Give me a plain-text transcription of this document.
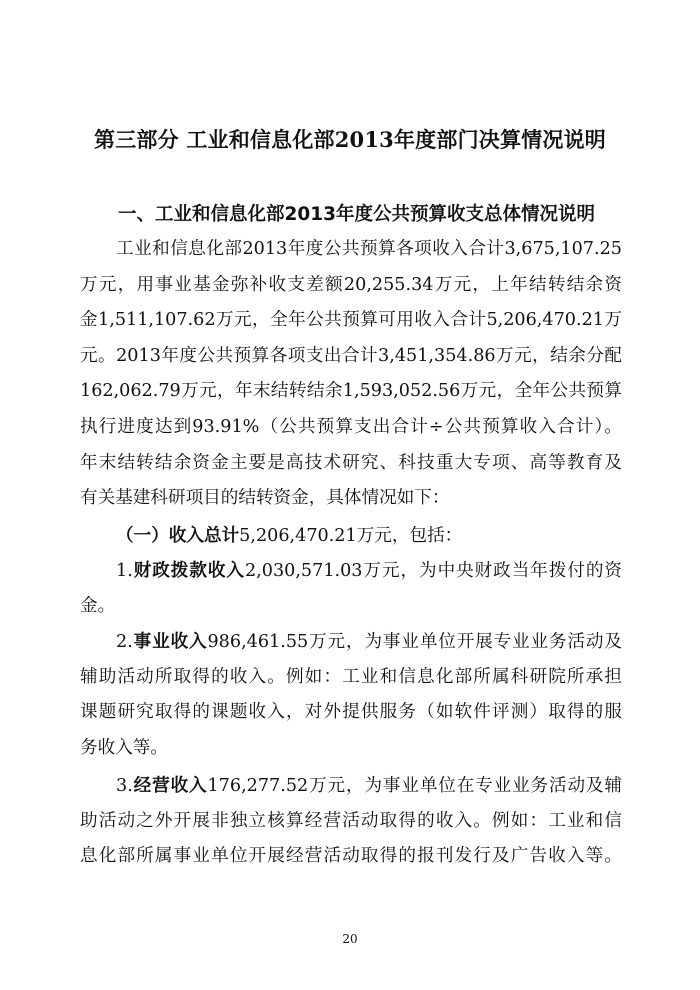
第三部分 工业和信息化部2013年度部门决算情况说明
一、工业和信息化部2013年度公共预算收支总体情况说明
工业和信息化部2013年度公共预算各项收入合计3,675,107.25
万元，用事业基金弥补收支差额20,255.34万元，上年结转结余资
金1,511,107.62万元，全年公共预算可用收入合计5,206,470.21万
元。2013年度公共预算各项支出合计3,451,354.86万元，结余分配
162,062.79万元，年末结转结余1,593,052.56万元，全年公共预算
执行进度达到93.91%（公共预算支出合计÷公共预算收入合计）。
年末结转结余资金主要是高技术研究、科技重大专项、高等教育及
有关基建科研项目的结转资金，具体情况如下：
（一）收入总计5,206,470.21万元，包括：
1.财政拨款收入2,030,571.03万元，为中央财政当年拨付的资
金。
2.事业收入986,461.55万元，为事业单位开展专业业务活动及
辅助活动所取得的收入。例如：工业和信息化部所属科研院所承担
课题研究取得的课题收入，对外提供服务（如软件评测）取得的服
务收入等。
3.经营收入176,277.52万元，为事业单位在专业业务活动及辅
助活动之外开展非独立核算经营活动取得的收入。例如：工业和信
息化部所属事业单位开展经营活动取得的报刊发行及广告收入等。
20
